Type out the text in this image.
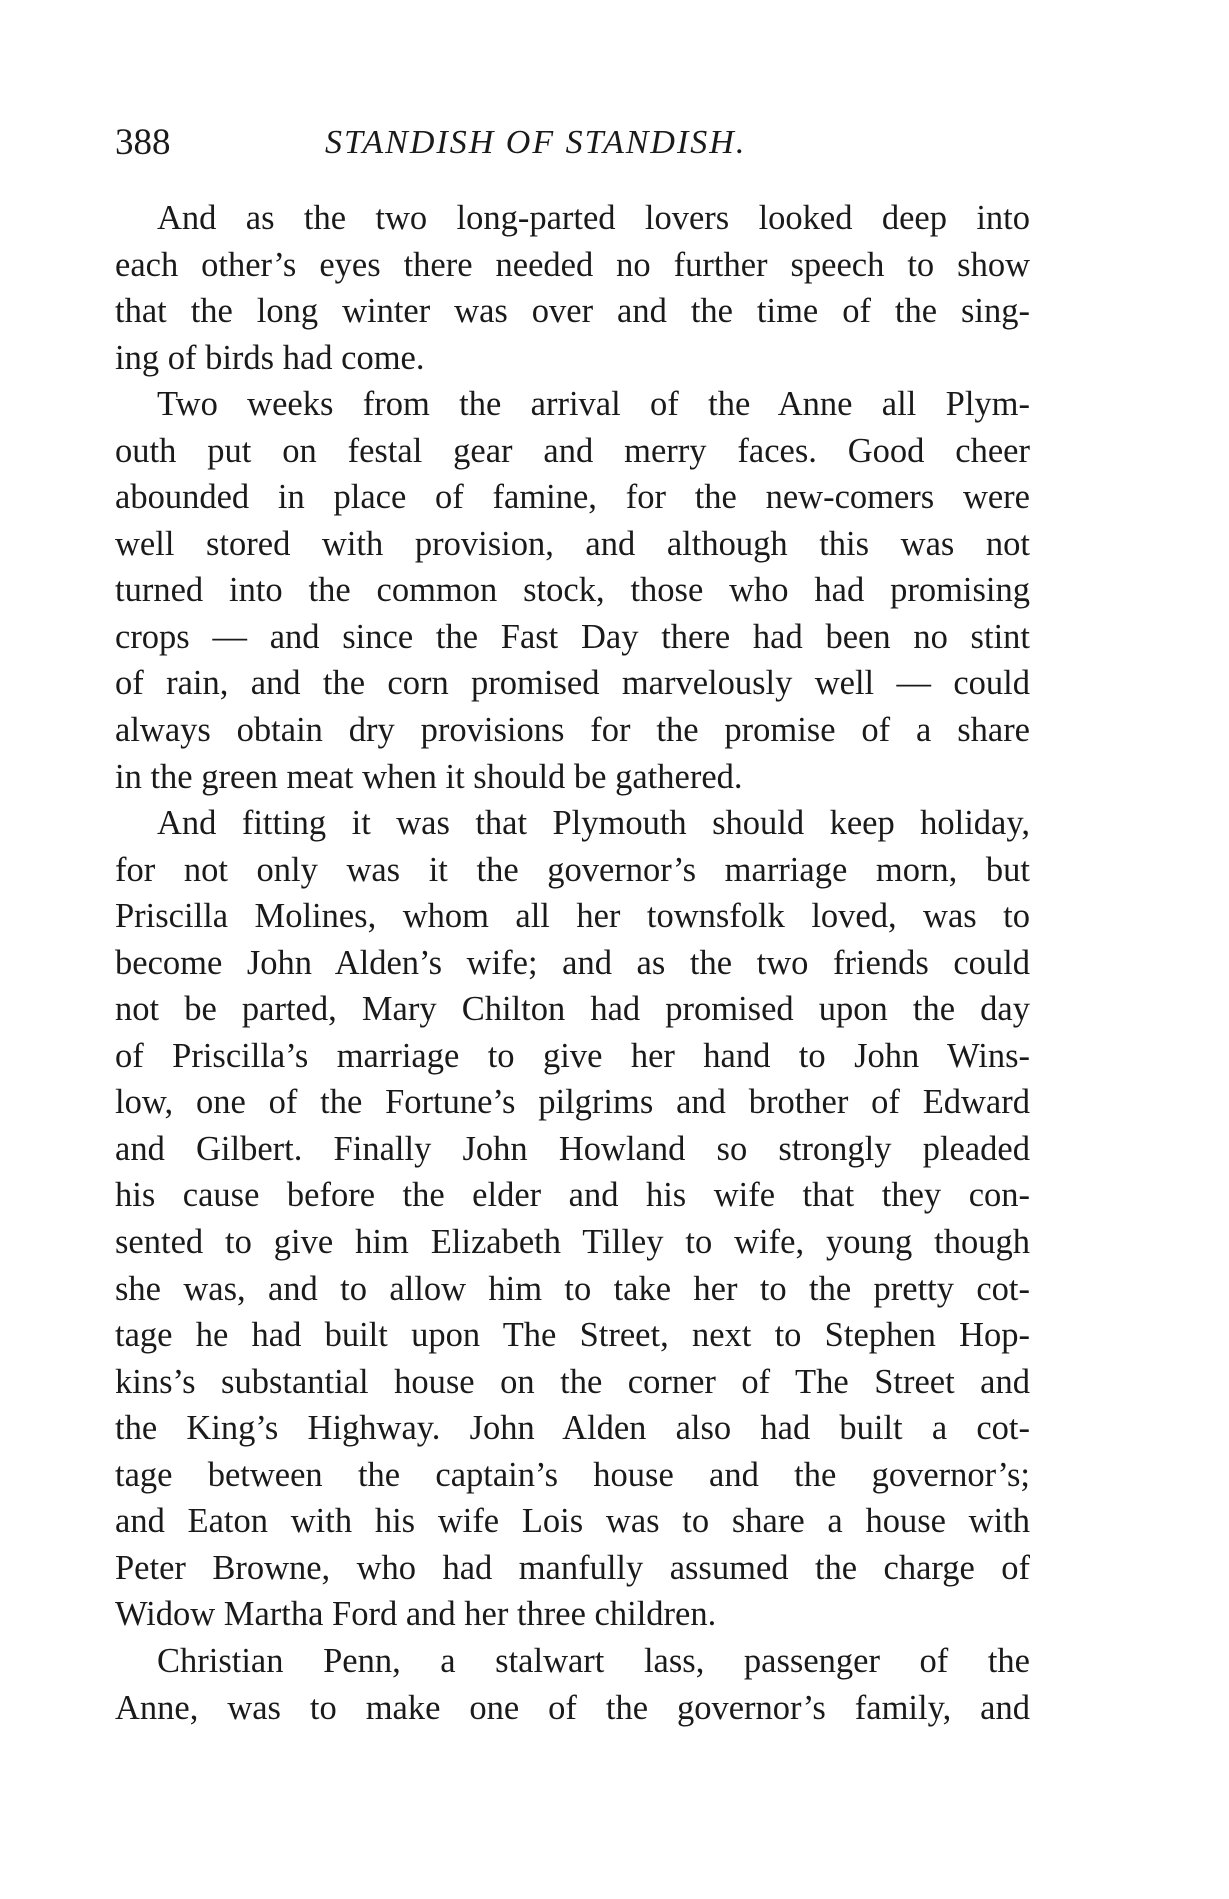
388	STANDISH OF STANDISH.
And as the two long-parted lovers looked deep into
each other’s eyes there needed no further speech to show
that the long winter was over and the time of the sing-
ing of birds had come.
Two weeks from the arrival of the Anne all Plym-
outh put on festal gear and merry faces. Good cheer
abounded in place of famine, for the new-comers were
well stored with provision, and although this was not
turned into the common stock, those who had promising
crops — and since the Fast Day there had been no stint
of rain, and the corn promised marvelously well — could
always obtain dry provisions for the promise of a share
in the green meat when it should be gathered.
And fitting it was that Plymouth should keep holiday,
for not only was it the governor’s marriage morn, but
Priscilla Molines, whom all her townsfolk loved, was to
become John Alden’s wife; and as the two friends could
not be parted, Mary Chilton had promised upon the day
of Priscilla’s marriage to give her hand to John Wins-
low, one of the Fortune’s pilgrims and brother of Edward
and Gilbert. Finally John Howland so strongly pleaded
his cause before the elder and his wife that they con-
sented to give him Elizabeth Tilley to wife, young though
she was, and to allow him to take her to the pretty cot-
tage he had built upon The Street, next to Stephen Hop-
kins’s substantial house on the corner of The Street and
the King’s Highway. John Alden also had built a cot-
tage between the captain’s house and the governor’s;
and Eaton with his wife Lois was to share a house with
Peter Browne, who had manfully assumed the charge of
Widow Martha Ford and her three children.
Christian Penn, a stalwart lass, passenger of the
Anne, was to make one of the governor’s family, and
